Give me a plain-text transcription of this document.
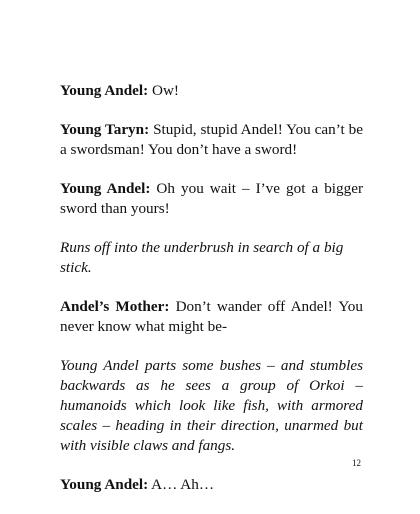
Young Andel: Ow!

Young Taryn: Stupid, stupid Andel! You can’t be a swordsman! You don’t have a sword!

Young Andel: Oh you wait – I’ve got a bigger sword than yours!

Runs off into the underbrush in search of a big stick.

Andel’s Mother: Don’t wander off Andel! You never know what might be-

Young Andel parts some bushes – and stumbles backwards as he sees a group of Orkoi – humanoids which look like fish, with armored scales – heading in their direction, unarmed but with visible claws and fangs.

Young Andel: A… Ah…

12
